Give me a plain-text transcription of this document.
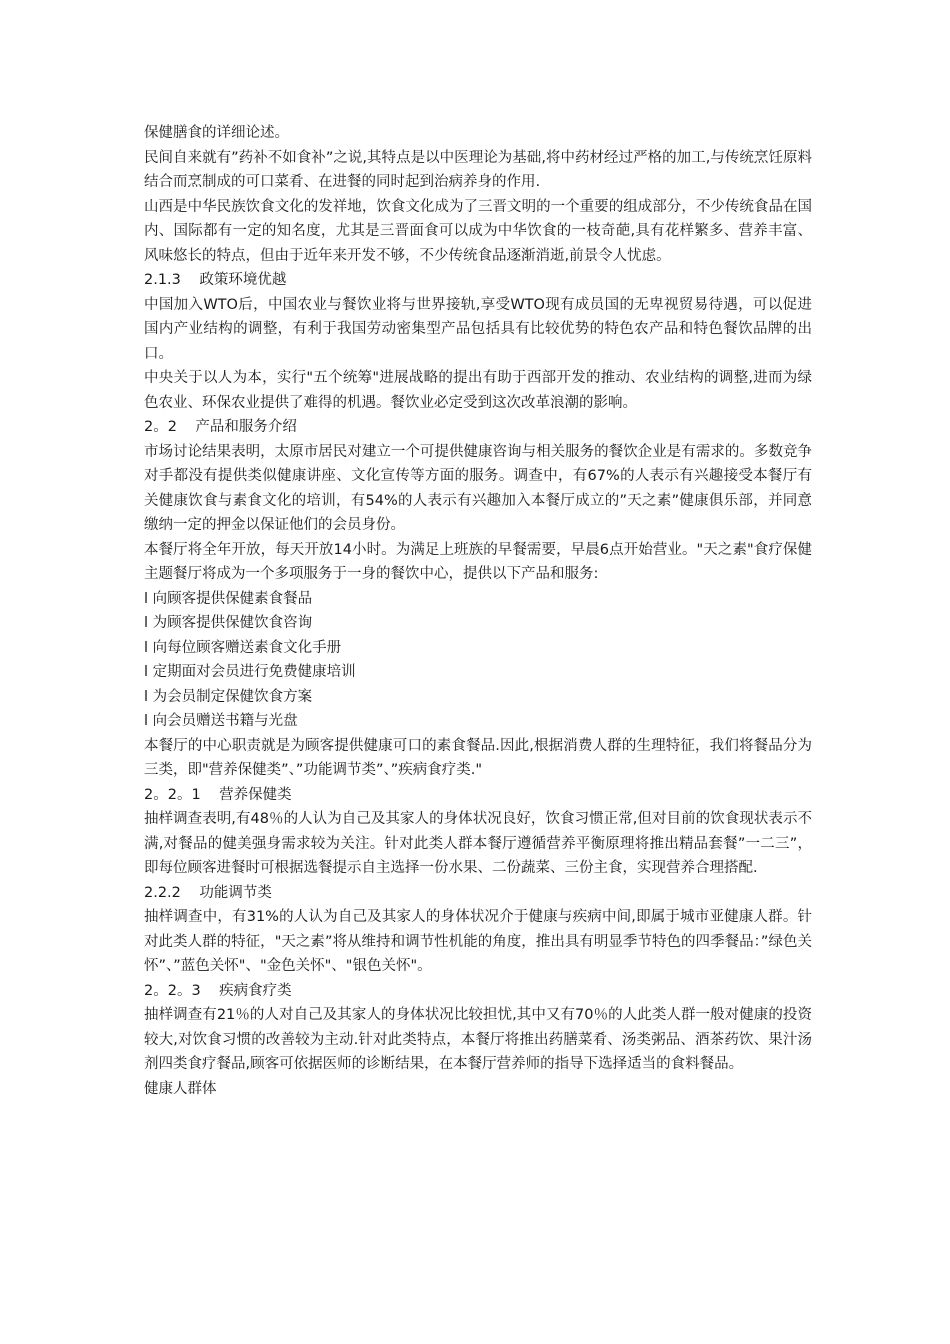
保健膳食的详细论述。

民间自来就有”药补不如食补”之说,其特点是以中医理论为基础,将中药材经过严格的加工,与传统烹饪原料结合而烹制成的可口菜肴、在进餐的同时起到治病养身的作用.

山西是中华民族饮食文化的发祥地，饮食文化成为了三晋文明的一个重要的组成部分，不少传统食品在国内、国际都有一定的知名度，尤其是三晋面食可以成为中华饮食的一枝奇葩,具有花样繁多、营养丰富、风味悠长的特点，但由于近年来开发不够，不少传统食品逐渐消逝,前景令人忧虑。

2.1.3    政策环境优越

中国加入WTO后，中国农业与餐饮业将与世界接轨,享受WTO现有成员国的无卑视贸易待遇，可以促进国内产业结构的调整，有利于我国劳动密集型产品包括具有比较优势的特色农产品和特色餐饮品牌的出口。

中央关于以人为本，实行"五个统筹"进展战略的提出有助于西部开发的推动、农业结构的调整,进而为绿色农业、环保农业提供了难得的机遇。餐饮业必定受到这次改革浪潮的影响。

2。2    产品和服务介绍

市场讨论结果表明，太原市居民对建立一个可提供健康咨询与相关服务的餐饮企业是有需求的。多数竞争对手都没有提供类似健康讲座、文化宣传等方面的服务。调查中，有67%的人表示有兴趣接受本餐厅有关健康饮食与素食文化的培训，有54%的人表示有兴趣加入本餐厅成立的”天之素”健康俱乐部，并同意缴纳一定的押金以保证他们的会员身份。

本餐厅将全年开放，每天开放14小时。为满足上班族的早餐需要，早晨6点开始营业。"天之素"食疗保健主题餐厅将成为一个多项服务于一身的餐饮中心，提供以下产品和服务:

l 向顾客提供保健素食餐品

l 为顾客提供保健饮食咨询

l 向每位顾客赠送素食文化手册

l 定期面对会员进行免费健康培训

l 为会员制定保健饮食方案

l 向会员赠送书籍与光盘

本餐厅的中心职责就是为顾客提供健康可口的素食餐品.因此,根据消费人群的生理特征，我们将餐品分为三类，即"营养保健类”、”功能调节类”、”疾病食疗类."

2。2。1    营养保健类

抽样调查表明,有48％的人认为自己及其家人的身体状况良好，饮食习惯正常,但对目前的饮食现状表示不满,对餐品的健美强身需求较为关注。针对此类人群本餐厅遵循营养平衡原理将推出精品套餐”一二三”，即每位顾客进餐时可根据选餐提示自主选择一份水果、二份蔬菜、三份主食，实现营养合理搭配.

2.2.2    功能调节类

抽样调查中，有31%的人认为自己及其家人的身体状况介于健康与疾病中间,即属于城市亚健康人群。针对此类人群的特征，"天之素”将从维持和调节性机能的角度，推出具有明显季节特色的四季餐品：”绿色关怀”、”蓝色关怀"、"金色关怀"、"银色关怀"。

2。2。3    疾病食疗类

抽样调查有21％的人对自己及其家人的身体状况比较担忧,其中又有70％的人此类人群一般对健康的投资较大,对饮食习惯的改善较为主动.针对此类特点，本餐厅将推出药膳菜肴、汤类粥品、酒茶药饮、果汁汤剂四类食疗餐品,顾客可依据医师的诊断结果，在本餐厅营养师的指导下选择适当的食料餐品。

健康人群体
